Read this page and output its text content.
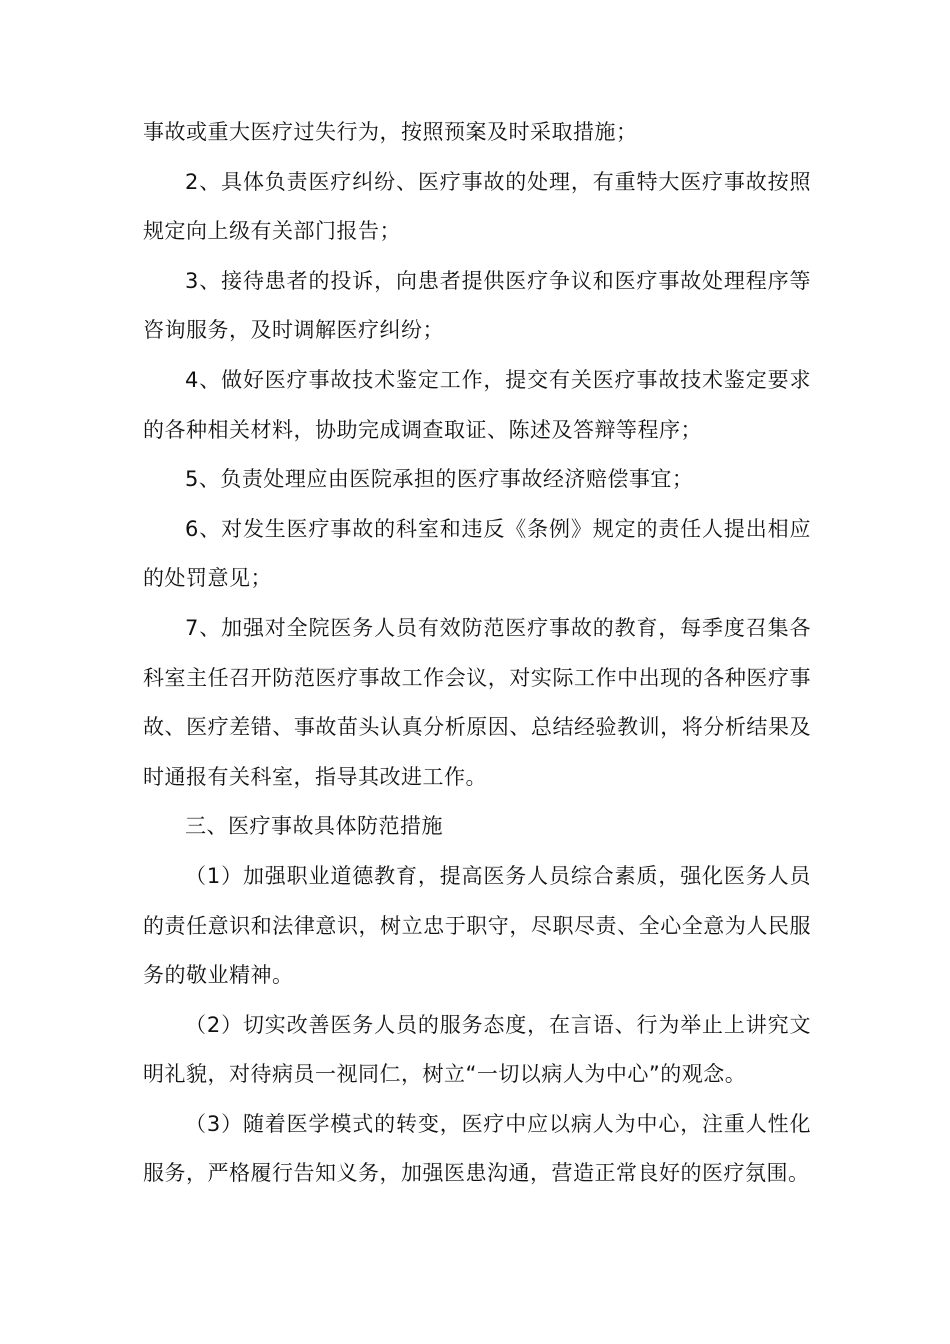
事故或重大医疗过失行为，按照预案及时采取措施；

2、具体负责医疗纠纷、医疗事故的处理，有重特大医疗事故按照规定向上级有关部门报告；

3、接待患者的投诉，向患者提供医疗争议和医疗事故处理程序等咨询服务，及时调解医疗纠纷；

4、做好医疗事故技术鉴定工作，提交有关医疗事故技术鉴定要求的各种相关材料，协助完成调查取证、陈述及答辩等程序；

5、负责处理应由医院承担的医疗事故经济赔偿事宜；

6、对发生医疗事故的科室和违反《条例》规定的责任人提出相应的处罚意见；

7、加强对全院医务人员有效防范医疗事故的教育，每季度召集各科室主任召开防范医疗事故工作会议，对实际工作中出现的各种医疗事故、医疗差错、事故苗头认真分析原因、总结经验教训，将分析结果及时通报有关科室，指导其改进工作。

三、医疗事故具体防范措施

（1）加强职业道德教育，提高医务人员综合素质，强化医务人员的责任意识和法律意识，树立忠于职守，尽职尽责、全心全意为人民服务的敬业精神。

（2）切实改善医务人员的服务态度，在言语、行为举止上讲究文明礼貌，对待病员一视同仁，树立“一切以病人为中心”的观念。

（3）随着医学模式的转变，医疗中应以病人为中心，注重人性化服务，严格履行告知义务，加强医患沟通，营造正常良好的医疗氛围。
